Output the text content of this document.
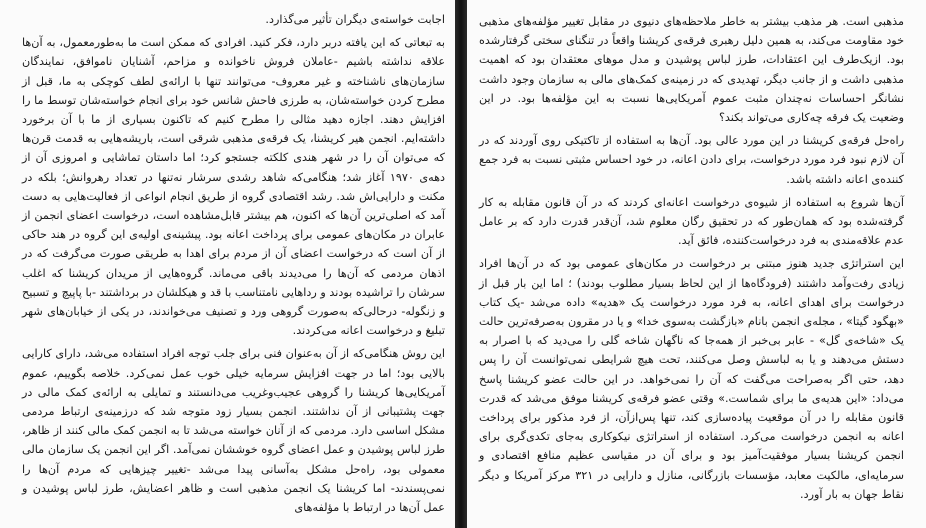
اجابت خواسته‌ی دیگران تأثیر می‌گذارد.

به تبعاتی که این یافته دربر دارد، فکر کنید. افرادی که ممکن است ما به‌طورمعمول، به آن‌ها علاقه نداشته باشیم -عاملان فروش ناخوانده و مزاحم، آشنایان ناموافق، نمایندگان سازمان‌های ناشناخته و غیر معروف- می‌توانند تنها با ارائه‌ی لطف کوچکی به ما، قبل از مطرح کردن خواسته‌شان، به طرزی فاحش شانس خود برای انجام خواسته‌شان توسط ما را افزایش دهند. اجازه دهید مثالی را مطرح کنیم که تاکنون بسیاری از ما با آن برخورد داشته‌ایم. انجمن هیر کریشنا، یک فرقه‌ی مذهبی شرقی است، باریشه‌هایی به قدمت قرن‌ها که می‌توان آن را در شهر هندی کلکته جستجو کرد؛ اما داستان تماشایی و امروزی آن از دهه‌ی ۱۹۷۰ آغاز شد؛ هنگامی‌که شاهد رشدی سرشار نه‌تنها در تعداد رهروانش؛ بلکه در مکنت و دارایی‌اش شد. رشد اقتصادی گروه از طریق انجام انواعی از فعالیت‌هایی به دست آمد که اصلی‌ترین آن‌ها که اکنون، هم بیشتر قابل‌مشاهده است، درخواست اعضای انجمن از عابران در مکان‌های عمومی برای پرداخت اعانه بود. پیشینه‌ی اولیه‌ی این گروه در هند حاکی از آن است که درخواست اعضای آن از مردم برای اهدا به طریقی صورت می‌گرفت که در اذهان مردمی که آن‌ها را می‌دیدند باقی می‌ماند. گروه‌هایی از مریدان کریشنا که اغلب سرشان را تراشیده بودند و رداهایی نامتناسب با قد و هیکلشان در برداشتند -با پاپیچ و تسبیح و زنگوله- درحالی‌که به‌صورت گروهی ورد و تصنیف می‌خواندند، در یکی از خیابان‌های شهر تبلیغ و درخواست اعانه می‌کردند.

این روش هنگامی‌که از آن به‌عنوان فنی برای جلب توجه افراد استفاده می‌شد، دارای کارایی بالایی بود؛ اما در جهت افزایش سرمایه خیلی خوب عمل نمی‌کرد. خلاصه بگوییم، عموم آمریکایی‌ها کریشنا را گروهی عجیب‌وغریب می‌دانستند و تمایلی به ارائه‌ی کمک مالی در جهت پشتیبانی از آن نداشتند. انجمن بسیار زود متوجه شد که درزمینه‌ی ارتباط مردمی مشکل اساسی دارد. مردمی که از آنان خواسته می‌شد تا به انجمن کمک مالی کنند از ظاهر، طرز لباس پوشیدن و عمل اعضای گروه خوششان نمی‌آمد. اگر این انجمن یک سازمان مالی معمولی بود، راه‌حل مشکل به‌آسانی پیدا می‌شد -تغییر چیزهایی که مردم آن‌ها را نمی‌پسندند- اما کریشنا یک انجمن مذهبی است و ظاهر اعضایش، طرز لباس پوشیدن و عمل آن‌ها در ارتباط با مؤلفه‌های

مذهبی است. هر مذهب بیشتر به خاطر ملاحظه‌های دنیوی در مقابل تغییر مؤلفه‌های مذهبی خود مقاومت می‌کند، به همین دلیل رهبری فرقه‌ی کریشنا واقعاً در تنگنای سختی گرفتارشده بود. ازیک‌طرف این اعتقادات، طرز لباس پوشیدن و مدل موهای معتقدان بود که اهمیت مذهبی داشت و از جانب دیگر، تهدیدی که در زمینه‌ی کمک‌های مالی به سازمان وجود داشت نشانگر احساسات نه‌چندان مثبت عموم آمریکایی‌ها نسبت به این مؤلفه‌ها بود. در این وضعیت یک فرقه چه‌کاری می‌تواند بکند؟

راه‌حل فرقه‌ی کریشنا در این مورد عالی بود. آن‌ها به استفاده از تاکتیکی روی آوردند که در آن لازم نبود فرد مورد درخواست، برای دادن اعانه، در خود احساس مثبتی نسبت به فرد جمع کننده‌ی اعانه داشته باشد.

آن‌ها شروع به استفاده از شیوه‌ی درخواست اعانه‌ای کردند که در آن قانون مقابله به کار گرفته‌شده بود که همان‌طور که در تحقیق رگان معلوم شد، آن‌قدر قدرت دارد که بر عامل عدم علاقه‌مندی به فرد درخواست‌کننده، فائق آید.

این استراتژی جدید هنوز مبتنی بر درخواست در مکان‌های عمومی بود که در آن‌ها افراد زیادی رفت‌وآمد داشتند (فرودگاه‌ها از این لحاظ بسیار مطلوب بودند) ؛ اما این بار قبل از درخواست برای اهدای اعانه، به فرد مورد درخواست یک «هدیه» داده می‌شد -یک کتاب «بهگود گیتا» ، مجله‌ی انجمن بانام «بازگشت به‌سوی خدا» و یا در مقرون به‌صرفه‌ترین حالت یک «شاخه‌ی گل» - عابر بی‌خبر از همه‌جا که ناگهان شاخه گلی را می‌دید که با اصرار به دستش می‌دهند و یا به لباسش وصل می‌کنند، تحت هیچ شرایطی نمی‌توانست آن را پس دهد، حتی اگر به‌صراحت می‌گفت که آن را نمی‌خواهد. در این حالت عضو کریشنا پاسخ می‌داد: «این هدیه‌ی ما برای شماست.» وقتی عضو فرقه‌ی کریشنا موفق می‌شد که قدرت قانون مقابله را در آن موقعیت پیاده‌سازی کند، تنها پس‌ازآن، از فرد مذکور برای پرداخت اعانه به انجمن درخواست می‌کرد. استفاده از استراتژی نیکوکاری به‌جای تکدی‌گری برای انجمن کریشنا بسیار موفقیت‌آمیز بود و برای آن در مقیاسی عظیم منافع اقتصادی و سرمایه‌ای، مالکیت معابد، مؤسسات بازرگانی، منازل و دارایی در ۳۲۱ مرکز آمریکا و دیگر نقاط جهان به بار آورد.
